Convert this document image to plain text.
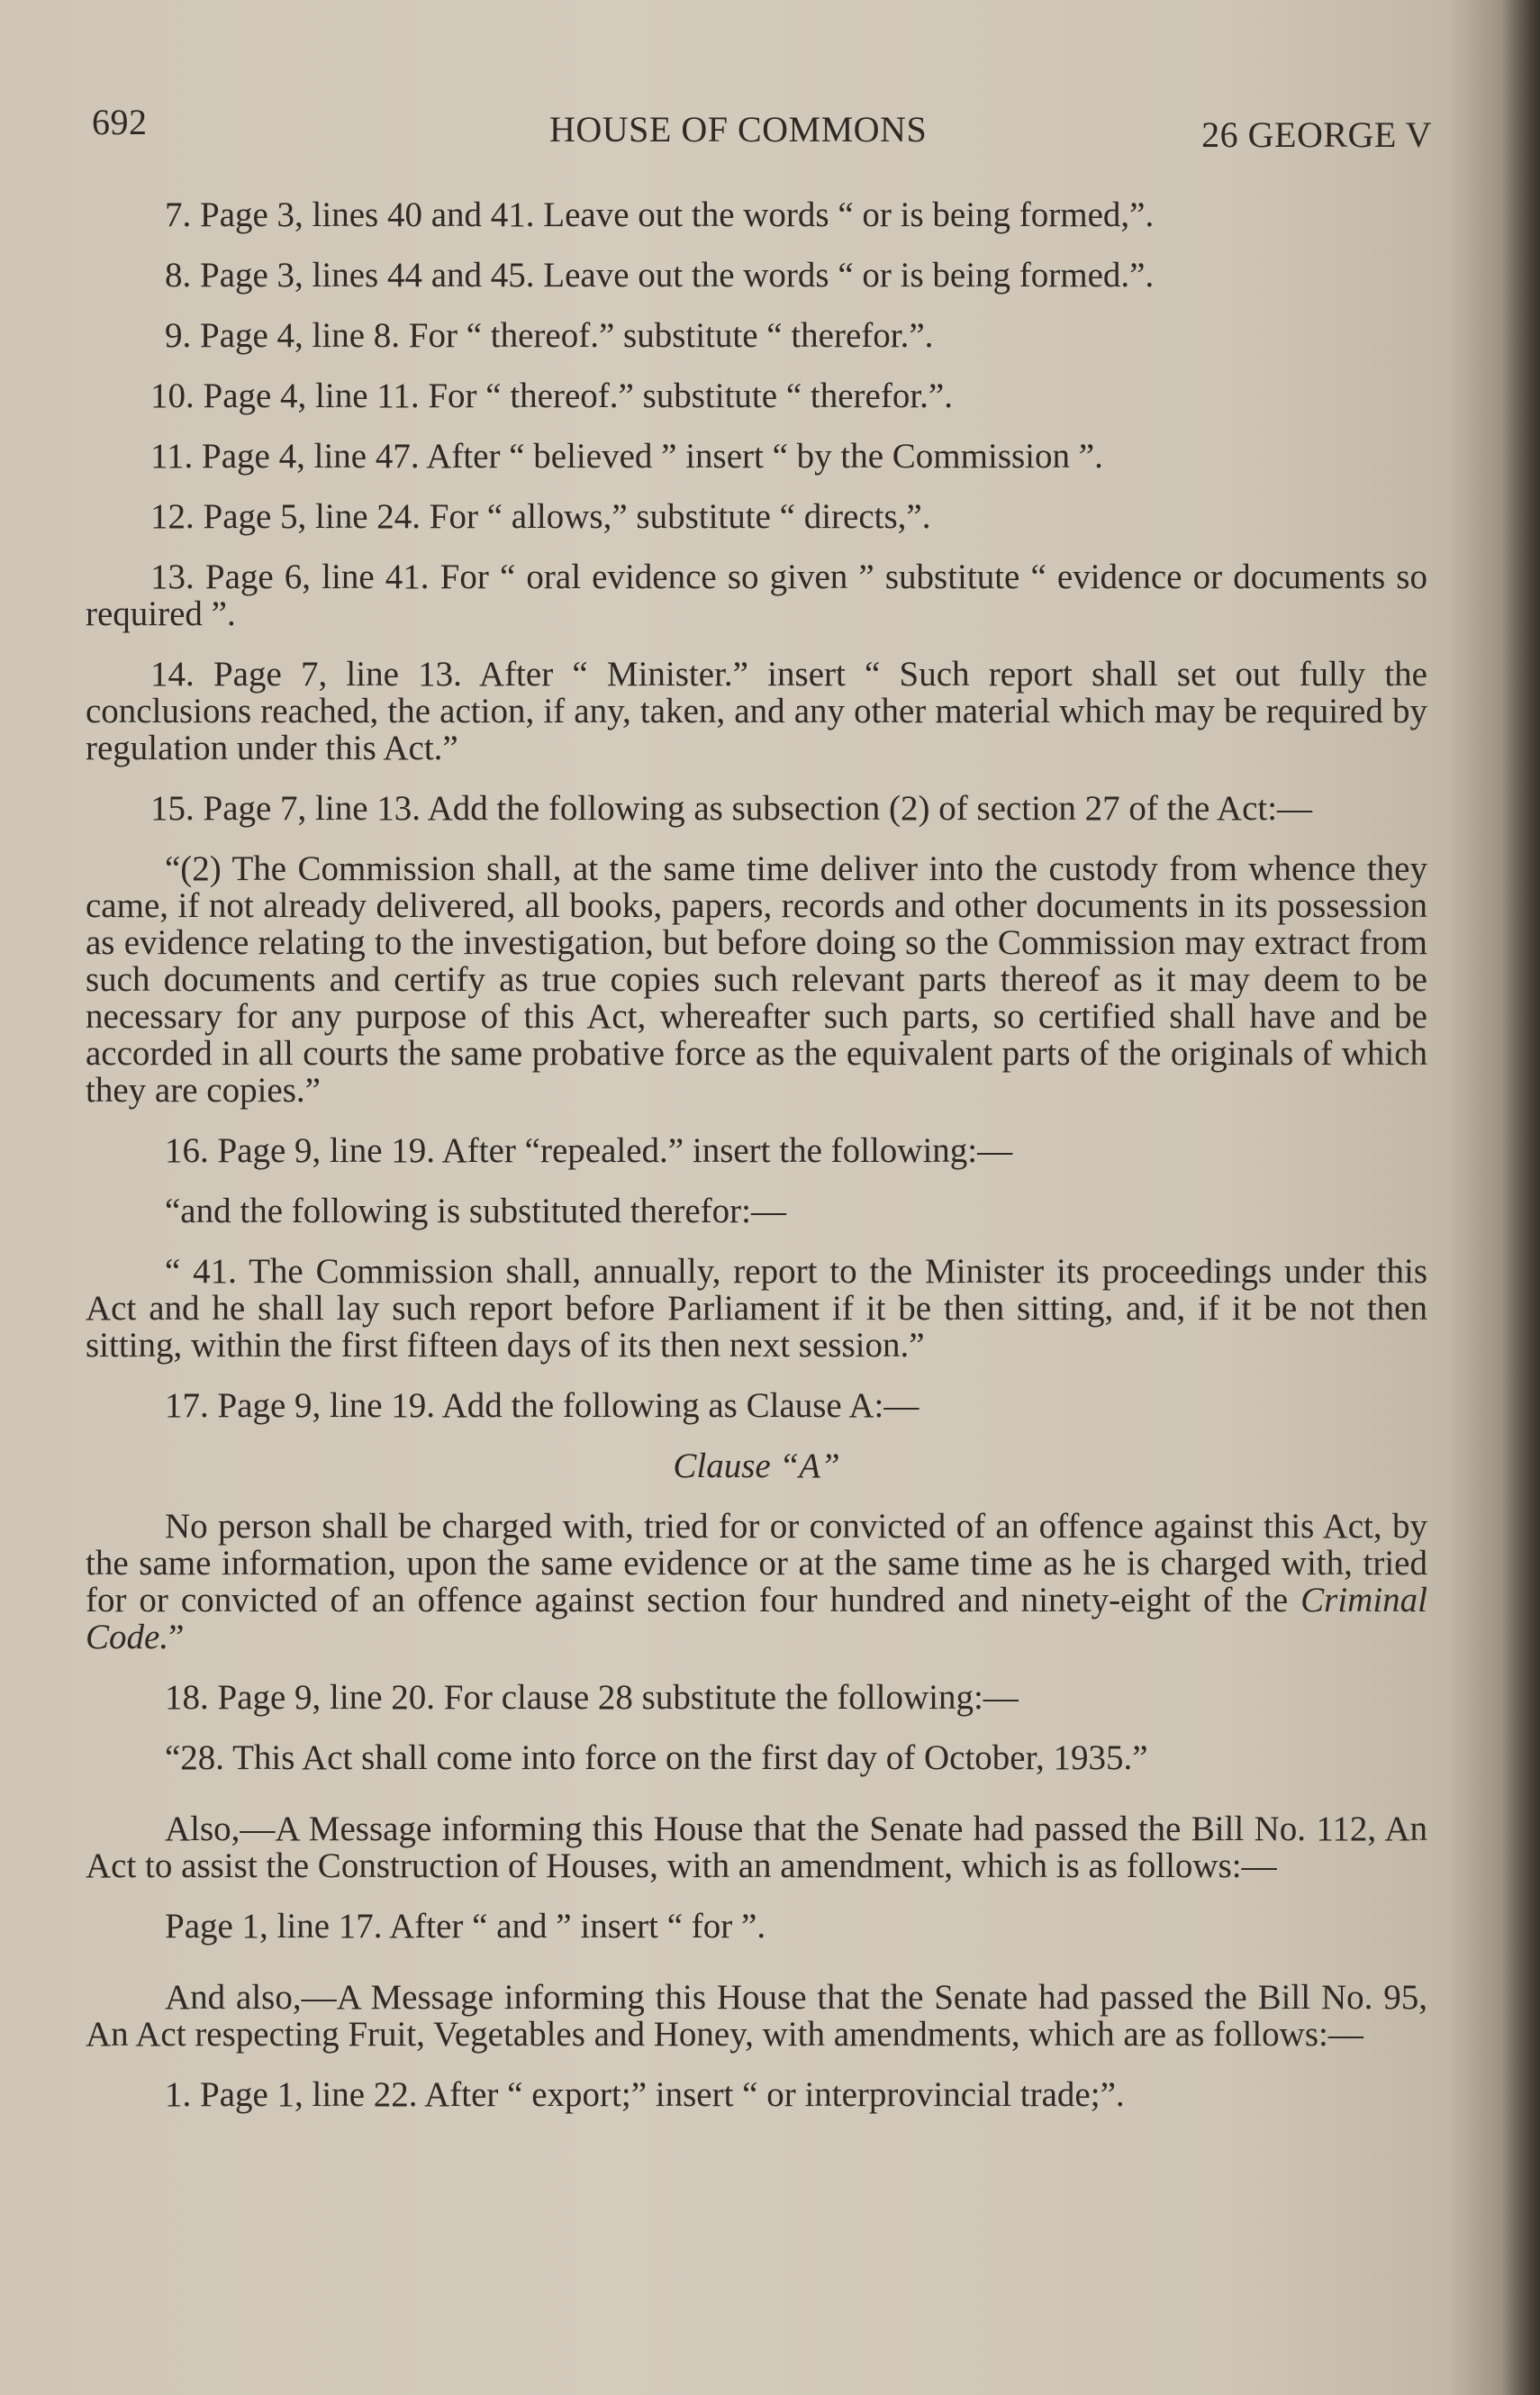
692	HOUSE OF COMMONS	26 GEORGE V

7. Page 3, lines 40 and 41. Leave out the words “ or is being formed,”.

8. Page 3, lines 44 and 45. Leave out the words “ or is being formed.”.

9. Page 4, line 8. For “ thereof.” substitute “ therefor.”.

10. Page 4, line 11. For “ thereof.” substitute “ therefor.”.

11. Page 4, line 47. After “ believed ” insert “ by the Commission ”.

12. Page 5, line 24. For “ allows,” substitute “ directs,”.

13. Page 6, line 41. For “ oral evidence so given ” substitute “ evidence or documents so required ”.

14. Page 7, line 13. After “ Minister.” insert “ Such report shall set out fully the conclusions reached, the action, if any, taken, and any other material which may be required by regulation under this Act.”

15. Page 7, line 13. Add the following as subsection (2) of section 27 of the Act:—

“(2) The Commission shall, at the same time deliver into the custody from whence they came, if not already delivered, all books, papers, records and other documents in its possession as evidence relating to the investigation, but before doing so the Commission may extract from such documents and certify as true copies such relevant parts thereof as it may deem to be necessary for any purpose of this Act, whereafter such parts, so certified shall have and be accorded in all courts the same probative force as the equivalent parts of the originals of which they are copies.”

16. Page 9, line 19. After “repealed.” insert the following:—

“and the following is substituted therefor:—

“ 41. The Commission shall, annually, report to the Minister its proceedings under this Act and he shall lay such report before Parliament if it be then sitting, and, if it be not then sitting, within the first fifteen days of its then next session.”

17. Page 9, line 19. Add the following as Clause A:—

Clause “A”

No person shall be charged with, tried for or convicted of an offence against this Act, by the same information, upon the same evidence or at the same time as he is charged with, tried for or convicted of an offence against section four hundred and ninety-eight of the Criminal Code.”

18. Page 9, line 20. For clause 28 substitute the following:—

“28. This Act shall come into force on the first day of October, 1935.”

Also,—A Message informing this House that the Senate had passed the Bill No. 112, An Act to assist the Construction of Houses, with an amendment, which is as follows:—

Page 1, line 17. After “ and ” insert “ for ”.

And also,—A Message informing this House that the Senate had passed the Bill No. 95, An Act respecting Fruit, Vegetables and Honey, with amendments, which are as follows:—

1. Page 1, line 22. After “ export;” insert “ or interprovincial trade;”.
